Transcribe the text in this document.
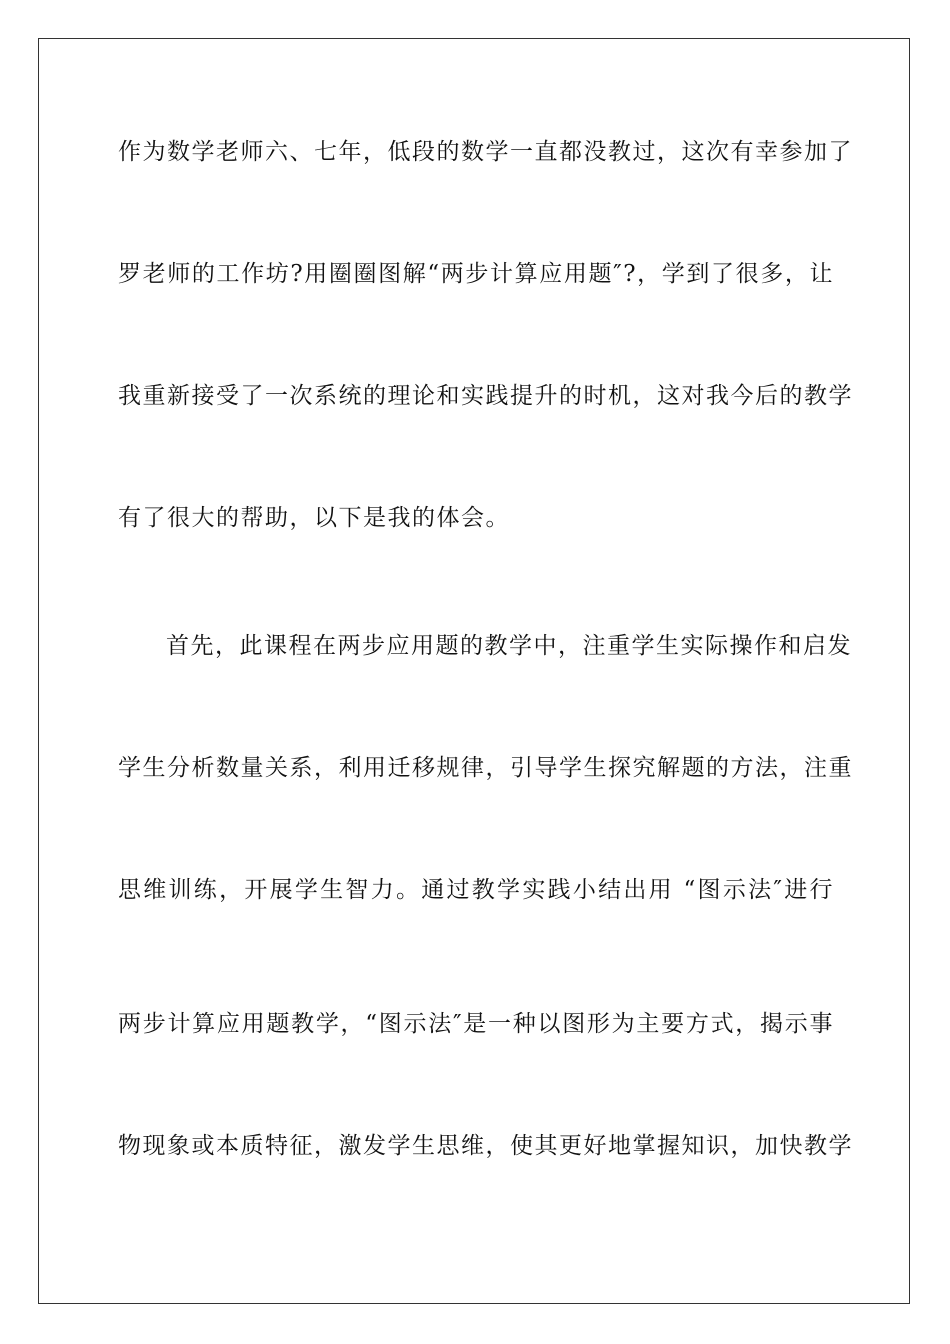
作为数学老师六、七年，低段的数学一直都没教过，这次有幸参加了
罗老师的工作坊?用圈圈图解“两步计算应用题″?，学到了很多，让
我重新接受了一次系统的理论和实践提升的时机，这对我今后的教学
有了很大的帮助，以下是我的体会。
首先，此课程在两步应用题的教学中，注重学生实际操作和启发
学生分析数量关系，利用迁移规律，引导学生探究解题的方法，注重
思维训练，开展学生智力。通过教学实践小结出用 “图示法″进行
两步计算应用题教学，“图示法″是一种以图形为主要方式，揭示事
物现象或本质特征，激发学生思维，使其更好地掌握知识，加快教学
